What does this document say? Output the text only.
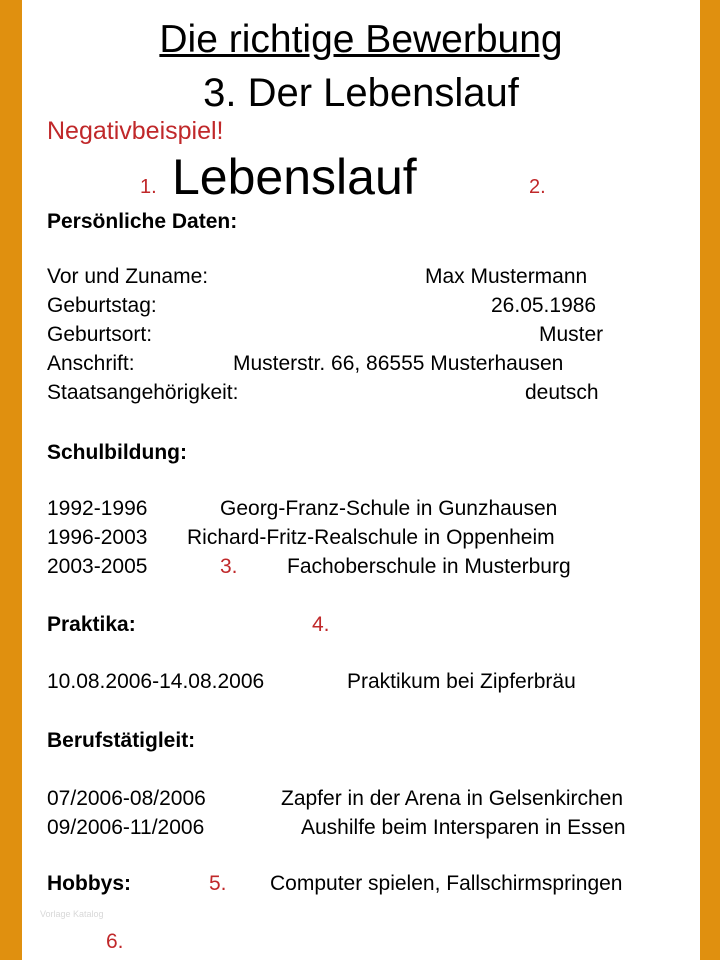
Die richtige Bewerbung
3. Der Lebenslauf
Negativbeispiel!
1. Lebenslauf	2.
Persönliche Daten:
Vor und Zuname:	Max Mustermann
Geburtstag:	26.05.1986
Geburtsort:	Muster
Anschrift:	Musterstr. 66, 86555 Musterhausen
Staatsangehörigkeit:	deutsch
Schulbildung:
1992-1996	Georg-Franz-Schule in Gunzhausen
1996-2003 Richard-Fritz-Realschule in Oppenheim
2003-2005	3. Fachoberschule in Musterburg
Praktika:	4.
10.08.2006-14.08.2006	Praktikum bei Zipferbräu
Berufstätigleit:
07/2006-08/2006	Zapfer in der Arena in Gelsenkirchen
09/2006-11/2006	Aushilfe beim Intersparen in Essen
Hobbys:	5. Computer spielen, Fallschirmspringen
Vorlage Katalog
6.
